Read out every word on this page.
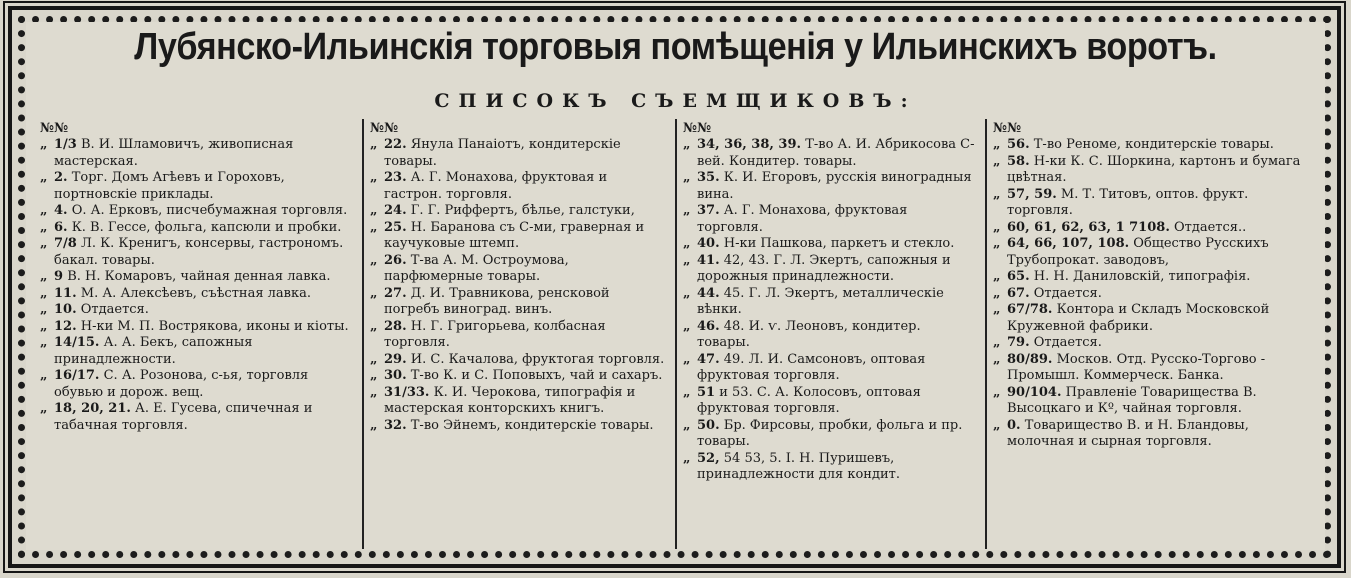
Лубянско-Ильинскія торговыя помѣщенія у Ильинскихъ воротъ.
СПИСОКЪ СЪЕМЩИКОВЪ:
№№

„ 1/3 В. И. Шламовичъ, живописная мастерская.

„ 2. Торг. Домъ Агѣевъ и Гороховъ, портновскіе приклады.

„ 4. О. А. Ерковъ, писчебумажная торговля.

„ 6. К. В. Гессе, фольга, капсюли и пробки.

„ 7/8 Л. К. Кренигъ, консервы, гастрономъ. бакал. товары.

„ 9 В. Н. Комаровъ, чайная денная лавка.

„ 11. М. А. Алексѣевъ, съѣстная лавка.

„ 10. Отдается.

„ 12. Н-ки М. П. Вострякова, иконы и кіоты.

„ 14/15. А. А. Бекъ, сапожныя принадлежности.

„ 16/17. С. А. Розонова, с-ья, торговля обувью и дорож. вещ.

„ 18, 20, 21. А. Е. Гусева, спичечная и табачная торговля.

№№

„ 22. Янула Панаіотъ, кондитерскіе товары.

„ 23. А. Г. Монахова, фруктовая и гастрон. торговля.

„ 24. Г. Г. Риффертъ, бѣлье, галстуки,

„ 25. Н. Баранова съ С-ми, граверная и каучуковые штемп.

„ 26. Т-ва А. М. Остроумова, парфюмерные товары.

„ 27. Д. И. Травникова, ренсковой погребъ виноград. винъ.

„ 28. Н. Г. Григорьева, колбасная торговля.

„ 29. И. С. Качалова, фруктогая торговля.

„ 30. Т-во К. и С. Поповыхъ, чай и сахаръ.

„ 31/33. К. И. Черокова, типографія и мастерская конторскихъ книгъ.

„ 32. Т-во Эйнемъ, кондитерскіе товары.

№№

„ 34, 36, 38, 39. Т-во А. И. Абрикосова С-вей. Кондитер. товары.

„ 35. К. И. Егоровъ, русскія виноградныя вина.

„ 37. А. Г. Монахова, фруктовая торговля.

„ 40. Н-ки Пашкова, паркетъ и стекло.

„ 41. 42, 43. Г. Л. Экертъ, сапожныя и дорожныя принадлежности.

„ 44. 45. Г. Л. Экертъ, металлическіе вѣнки.

„ 46. 48. И. ѵ. Леоновъ, кондитер. товары.

„ 47. 49. Л. И. Самсоновъ, оптовая фруктовая торговля.

„ 51 и 53. С. А. Колосовъ, оптовая фруктовая торговля.

„ 50. Бр. Фирсовы, пробки, фольга и пр. товары.

„ 52, 54 53, 5. І. Н. Пуришевъ, принадлежности для кондит.

№№

„ 56. Т-во Реноме, кондитерскіе товары.

„ 58. Н-ки К. С. Шоркина, картонъ и бумага цвѣтная.

„ 57, 59. М. Т. Титовъ, оптов. фрукт. торговля.

„ 60, 61, 62, 63, 1 7108. Отдается..

„ 64, 66, 107, 108. Общество Русскихъ Трубопрокат. заводовъ,

„ 65. Н. Н. Даниловскій, типографія.

„ 67. Отдается.

„ 67/78. Контора и Складъ Московской Кружевной фабрики.

„ 79. Отдается.

„ 80/89. Москов. Отд. Русско-Торгово - Промышл. Коммерческ. Банка.

„ 90/104. Правленіе Товарищества В. Высоцкаго и Кº, чайная торговля.

„ 0. Товарищество В. и Н. Бландовы, молочная и сырная торговля.
